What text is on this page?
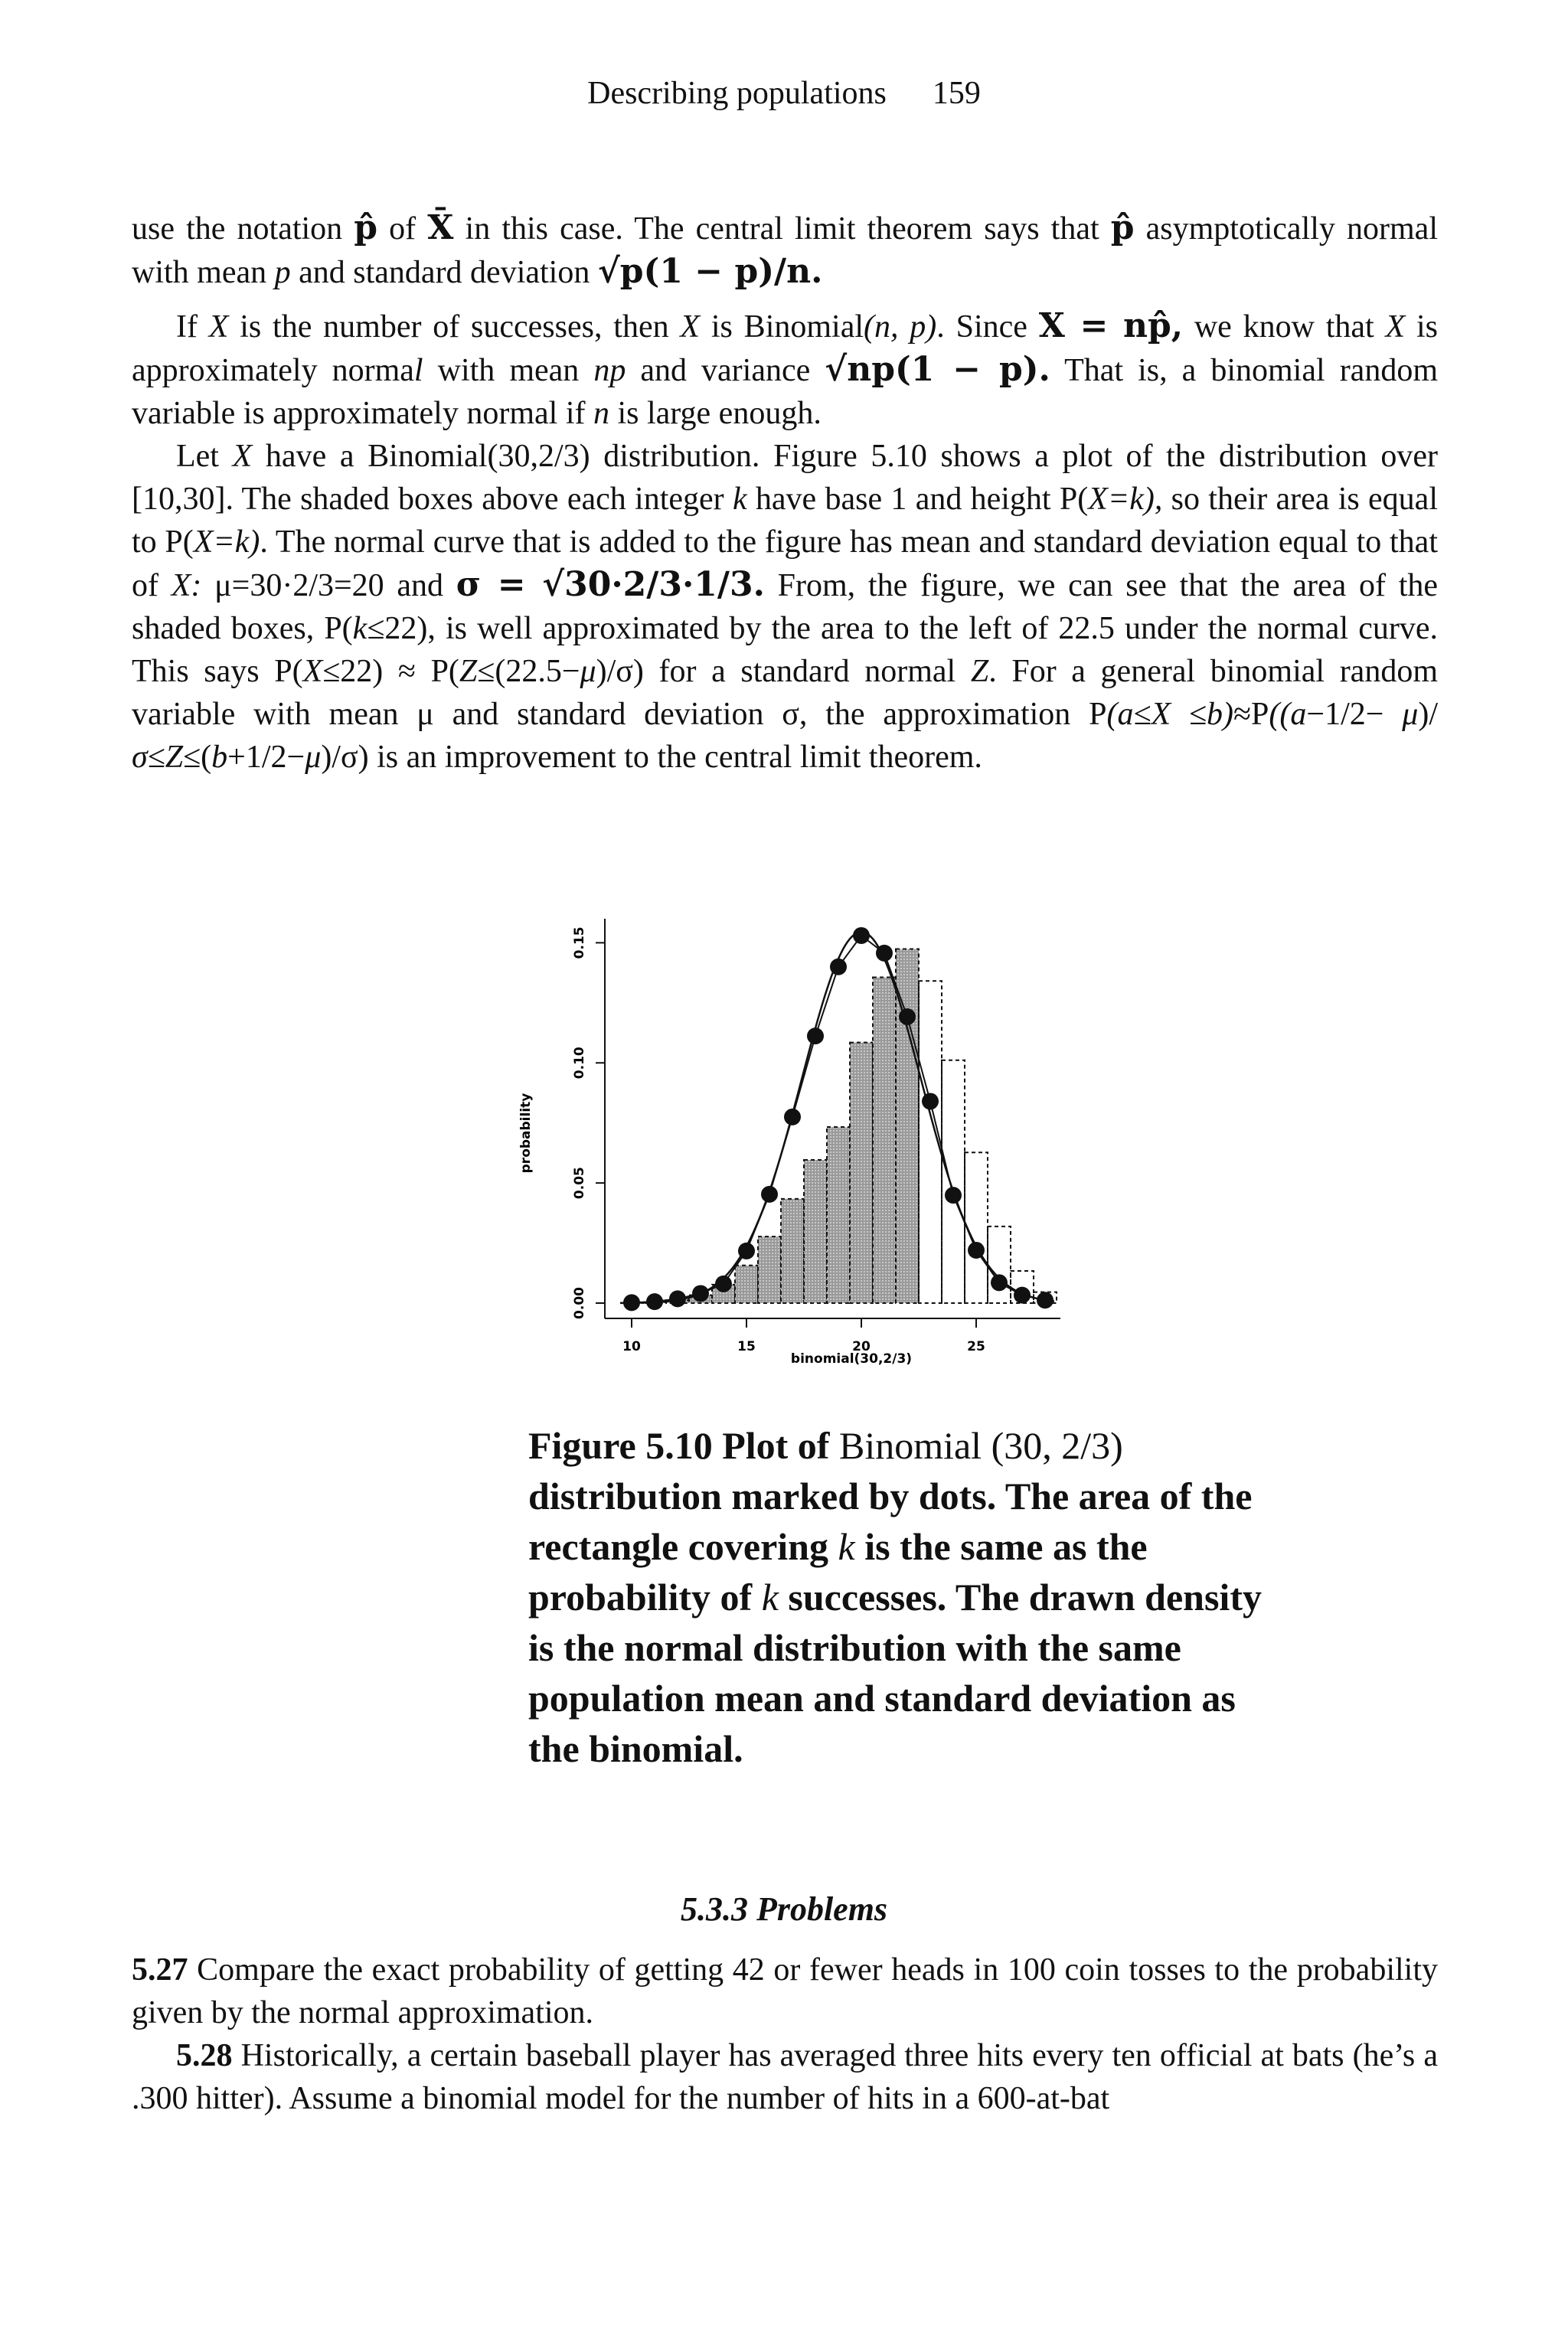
Describing populations 159

use the notation p̂ of X̄ in this case. The central limit theorem says that p̂ asymptotically normal with mean p and standard deviation √p(1 − p)/n.

If X is the number of successes, then X is Binomial(n, p). Since X = np̂, we know that X is approximately normal with mean np and variance √np(1 − p). That is, a binomial random variable is approximately normal if n is large enough.

Let X have a Binomial(30,2/3) distribution. Figure 5.10 shows a plot of the distribution over [10,30]. The shaded boxes above each integer k have base 1 and height P(X=k), so their area is equal to P(X=k). The normal curve that is added to the figure has mean and standard deviation equal to that of X: μ=30·2/3=20 and σ = √30·2/3·1/3. From, the figure, we can see that the area of the shaded boxes, P(k≤22), is well approximated by the area to the left of 22.5 under the normal curve. This says P(X≤22) ≈ P(Z≤(22.5−μ)/σ) for a standard normal Z. For a general binomial random variable with mean μ and standard deviation σ, the approximation P(a≤X ≤b)≈P((a−1/2− μ)/σ≤Z≤(b+1/2−μ)/σ) is an improvement to the central limit theorem.

10	15	20	25
0.00
0.05
0.10
0.15
probability
binomial(30,2/3)
Figure 5.10 Plot of Binomial (30, 2/3) distribution marked by dots. The area of the rectangle covering k is the same as the probability of k successes. The drawn density is the normal distribution with the same population mean and standard deviation as the binomial.
5.3.3 Problems

5.27 Compare the exact probability of getting 42 or fewer heads in 100 coin tosses to the probability given by the normal approximation.

5.28 Historically, a certain baseball player has averaged three hits every ten official at bats (he’s a .300 hitter). Assume a binomial model for the number of hits in a 600-at-bat
